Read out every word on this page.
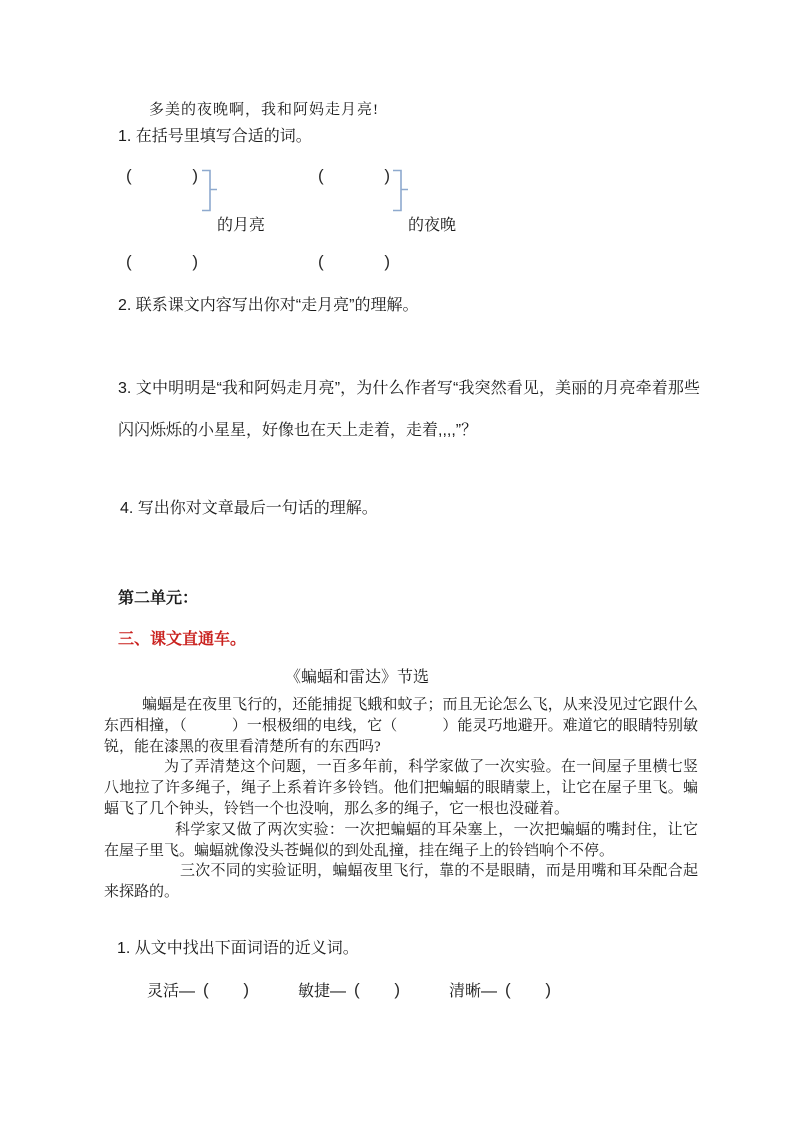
多美的夜晚啊，我和阿妈走月亮!
1. 在括号里填写合适的词。
(	)
的月亮
(	)
的夜晚
(	)	(	)
2. 联系课文内容写出你对“走月亮”的理解。
3. 文中明明是“我和阿妈走月亮”，为什么作者写“我突然看见，美丽的月亮牵着那些闪闪烁烁的小星星，好像也在天上走着，走着,,,,”？
4. 写出你对文章最后一句话的理解。
第二单元：
三、课文直通车。
《蝙蝠和雷达》节选

蝙蝠是在夜里飞行的，还能捕捉飞蛾和蚊子；而且无论怎么飞，从来没见过它跟什么东西相撞，（　　　）一根极细的电线，它（　　　）能灵巧地避开。难道它的眼睛特别敏锐，能在漆黑的夜里看清楚所有的东西吗?

为了弄清楚这个问题，一百多年前，科学家做了一次实验。在一间屋子里横七竖八地拉了许多绳子，绳子上系着许多铃铛。他们把蝙蝠的眼睛蒙上，让它在屋子里飞。蝙蝠飞了几个钟头，铃铛一个也没响，那么多的绳子，它一根也没碰着。

科学家又做了两次实验：一次把蝙蝠的耳朵塞上，一次把蝙蝠的嘴封住，让它在屋子里飞。蝙蝠就像没头苍蝇似的到处乱撞，挂在绳子上的铃铛响个不停。

三次不同的实验证明，蝙蝠夜里飞行，靠的不是眼睛，而是用嘴和耳朵配合起来探路的。

1. 从文中找出下面词语的近义词。
灵活— ( )	敏捷— ( )	清晰— ( )
